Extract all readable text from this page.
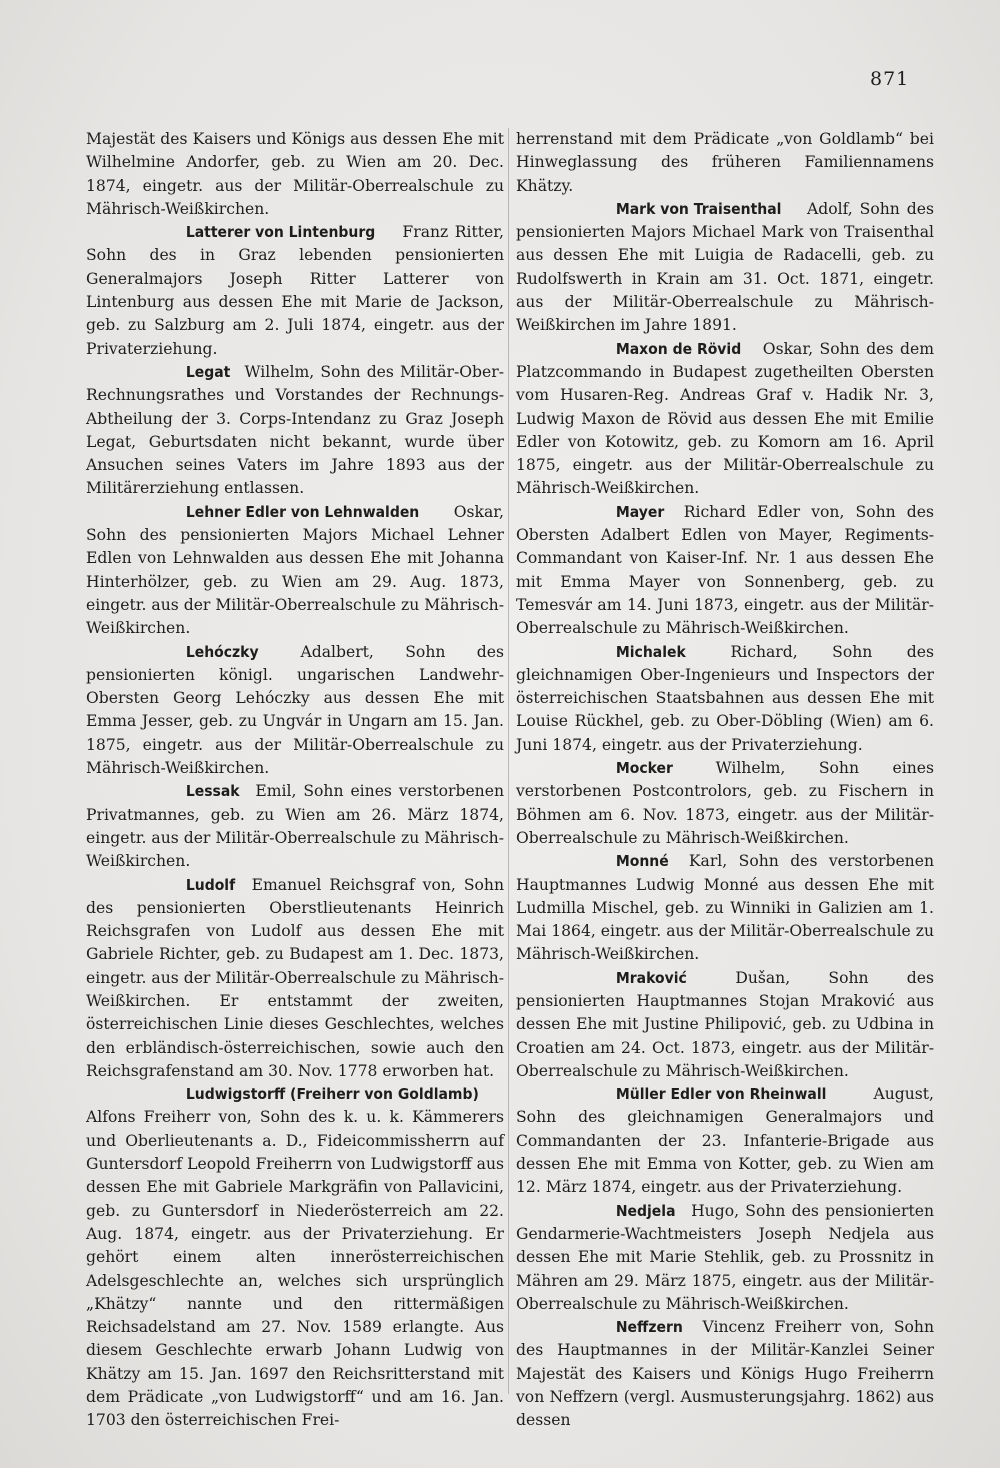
871

Majestät des Kaisers und Königs aus dessen Ehe mit Wilhelmine Andorfer, geb. zu Wien am 20. Dec. 1874, eingetr. aus der Militär-Oberrealschule zu Mährisch-Weißkirchen.

Latterer von Lintenburg Franz Ritter, Sohn des in Graz lebenden pensionierten Generalmajors Joseph Ritter Latterer von Lintenburg aus dessen Ehe mit Marie de Jackson, geb. zu Salzburg am 2. Juli 1874, eingetr. aus der Privaterziehung.

Legat Wilhelm, Sohn des Militär-Ober-Rechnungsrathes und Vorstandes der Rechnungs-Abtheilung der 3. Corps-Intendanz zu Graz Joseph Legat, Geburtsdaten nicht bekannt, wurde über Ansuchen seines Vaters im Jahre 1893 aus der Militärerziehung entlassen.

Lehner Edler von Lehnwalden Oskar, Sohn des pensionierten Majors Michael Lehner Edlen von Lehnwalden aus dessen Ehe mit Johanna Hinterhölzer, geb. zu Wien am 29. Aug. 1873, eingetr. aus der Militär-Oberrealschule zu Mährisch-Weißkirchen.

Lehóczky	Adalbert, Sohn des pensionierten königl. ungarischen Landwehr-Obersten Georg Lehóczky aus dessen Ehe mit Emma Jesser, geb. zu Ungvár in Ungarn am 15. Jan. 1875, eingetr. aus der Militär-Oberrealschule zu Mährisch-Weißkirchen.

Lessak Emil, Sohn eines verstorbenen Privatmannes, geb. zu Wien am 26. März 1874, eingetr. aus der Militär-Oberrealschule zu Mährisch-Weißkirchen.

Ludolf Emanuel Reichsgraf von, Sohn des pensionierten Oberstlieutenants Heinrich Reichsgrafen von Ludolf aus dessen Ehe mit Gabriele Richter, geb. zu Budapest am 1. Dec. 1873, eingetr. aus der Militär-Oberrealschule zu Mährisch-Weißkirchen. Er entstammt der zweiten, österreichischen Linie dieses Geschlechtes, welches den erbländisch-österreichischen, sowie auch den Reichsgrafenstand am 30. Nov. 1778 erworben hat.

Ludwigstorff (Freiherr von Goldlamb) Alfons Freiherr von, Sohn des k. u. k. Kämmerers und Oberlieutenants a. D., Fideicommissherrn auf Guntersdorf Leopold Freiherrn von Ludwigstorff aus dessen Ehe mit Gabriele Markgräfin von Pallavicini, geb. zu Guntersdorf in Niederösterreich am 22. Aug. 1874, eingetr. aus der Privaterziehung. Er gehört einem alten innerösterreichischen Adelsgeschlechte an, welches sich ursprünglich „Khätzy“ nannte und den rittermäßigen Reichsadelstand am 27. Nov. 1589 erlangte. Aus diesem Geschlechte erwarb Johann Ludwig von Khätzy am 15. Jan. 1697 den Reichsritterstand mit dem Prädicate „von Ludwigstorff“ und am 16. Jan. 1703 den österreichischen Frei-

herrenstand mit dem Prädicate „von Goldlamb“ bei Hinweglassung des früheren Familiennamens Khätzy.

Mark von Traisenthal Adolf, Sohn des pensionierten Majors Michael Mark von Traisenthal aus dessen Ehe mit Luigia de Radacelli, geb. zu Rudolfswerth in Krain am 31. Oct. 1871, eingetr. aus der Militär-Oberrealschule zu Mährisch-Weißkirchen im Jahre 1891.

Maxon de Rövid Oskar, Sohn des dem Platzcommando in Budapest zugetheilten Obersten vom Husaren-Reg. Andreas Graf v. Hadik Nr. 3, Ludwig Maxon de Rövid aus dessen Ehe mit Emilie Edler von Kotowitz, geb. zu Komorn am 16. April 1875, eingetr. aus der Militär-Oberrealschule zu Mährisch-Weißkirchen.

Mayer Richard Edler von, Sohn des Obersten Adalbert Edlen von Mayer, Regiments-Commandant von Kaiser-Inf. Nr. 1 aus dessen Ehe mit Emma Mayer von Sonnenberg, geb. zu Temesvár am 14. Juni 1873, eingetr. aus der Militär-Oberrealschule zu Mährisch-Weißkirchen.

Michalek	Richard, Sohn des gleichnamigen Ober-Ingenieurs und Inspectors der österreichischen Staatsbahnen aus dessen Ehe mit Louise Rückhel, geb. zu Ober-Döbling (Wien) am 6. Juni 1874, eingetr. aus der Privaterziehung.

Mocker	Wilhelm, Sohn eines verstorbenen Postcontrolors, geb. zu Fischern in Böhmen am 6. Nov. 1873, eingetr. aus der Militär-Oberrealschule zu Mährisch-Weißkirchen.

Monné Karl, Sohn des verstorbenen Hauptmannes Ludwig Monné aus dessen Ehe mit Ludmilla Mischel, geb. zu Winniki in Galizien am 1. Mai 1864, eingetr. aus der Militär-Oberrealschule zu Mährisch-Weißkirchen.

Mraković	Dušan, Sohn des pensionierten Hauptmannes Stojan Mraković aus dessen Ehe mit Justine Philipović, geb. zu Udbina in Croatien am 24. Oct. 1873, eingetr. aus der Militär-Oberrealschule zu Mährisch-Weißkirchen.

Müller Edler von Rheinwall	August, Sohn des gleichnamigen Generalmajors und Commandanten der 23. Infanterie-Brigade aus dessen Ehe mit Emma von Kotter, geb. zu Wien am 12. März 1874, eingetr. aus der Privaterziehung.

Nedjela Hugo, Sohn des pensionierten Gendarmerie-Wachtmeisters Joseph Nedjela aus dessen Ehe mit Marie Stehlik, geb. zu Prossnitz in Mähren am 29. März 1875, eingetr. aus der Militär-Oberrealschule zu Mährisch-Weißkirchen.

Neffzern Vincenz Freiherr von, Sohn des Hauptmannes in der Militär-Kanzlei Seiner Majestät des Kaisers und Königs Hugo Freiherrn von Neffzern (vergl. Ausmusterungsjahrg. 1862) aus dessen
